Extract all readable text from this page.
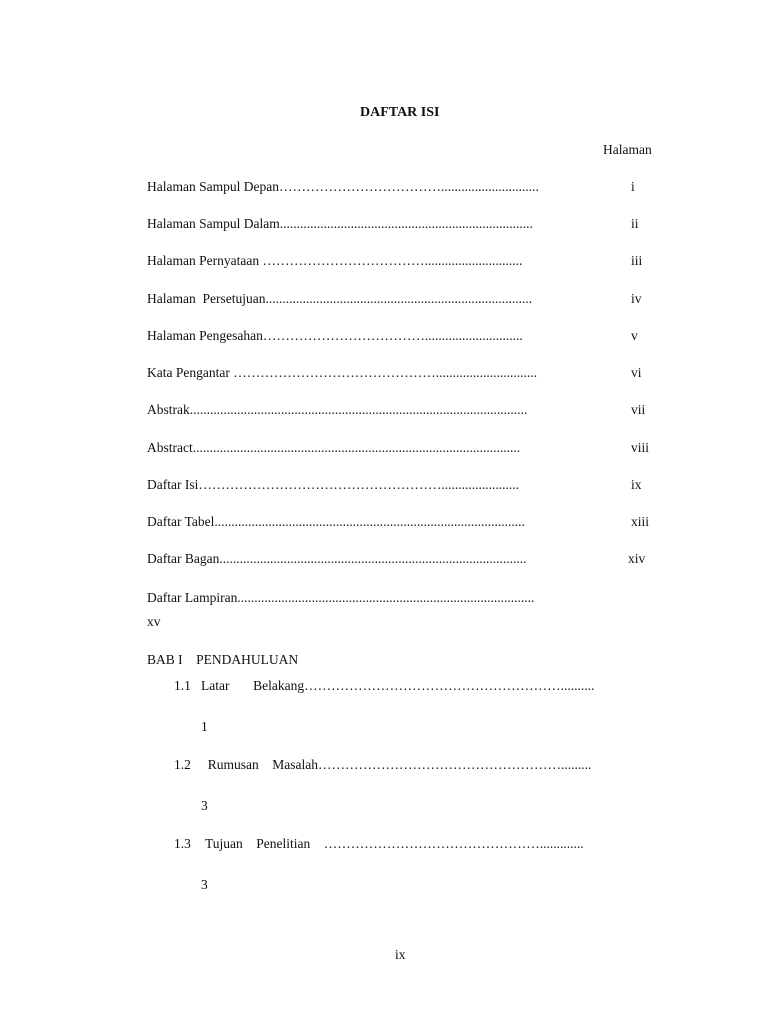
DAFTAR ISI
Halaman
Halaman Sampul Depan……………………………….............................	i
Halaman Sampul Dalam...........................................................................	ii
Halaman Pernyataan ……………………………….............................	iii
Halaman  Persetujuan...............................................................................	iv
Halaman Pengesahan……………………………….............................	v
Kata Pengantar ………………………………………..............................	vi
Abstrak....................................................................................................	vii
Abstract.................................................................................................	viii
Daftar Isi……………………………………………….......................	ix
Daftar Tabel............................................................................................	xiii
Daftar Bagan...........................................................................................	xiv
Daftar Lampiran........................................................................................
xv
BAB I    PENDAHULUAN
1.1 Latar       Belakang…………………………………………………..........
1
1.2 Rumusan    Masalah……………………………………………….........
3
1.3 Tujuan    Penelitian    ………………………………………….............
3
ix
